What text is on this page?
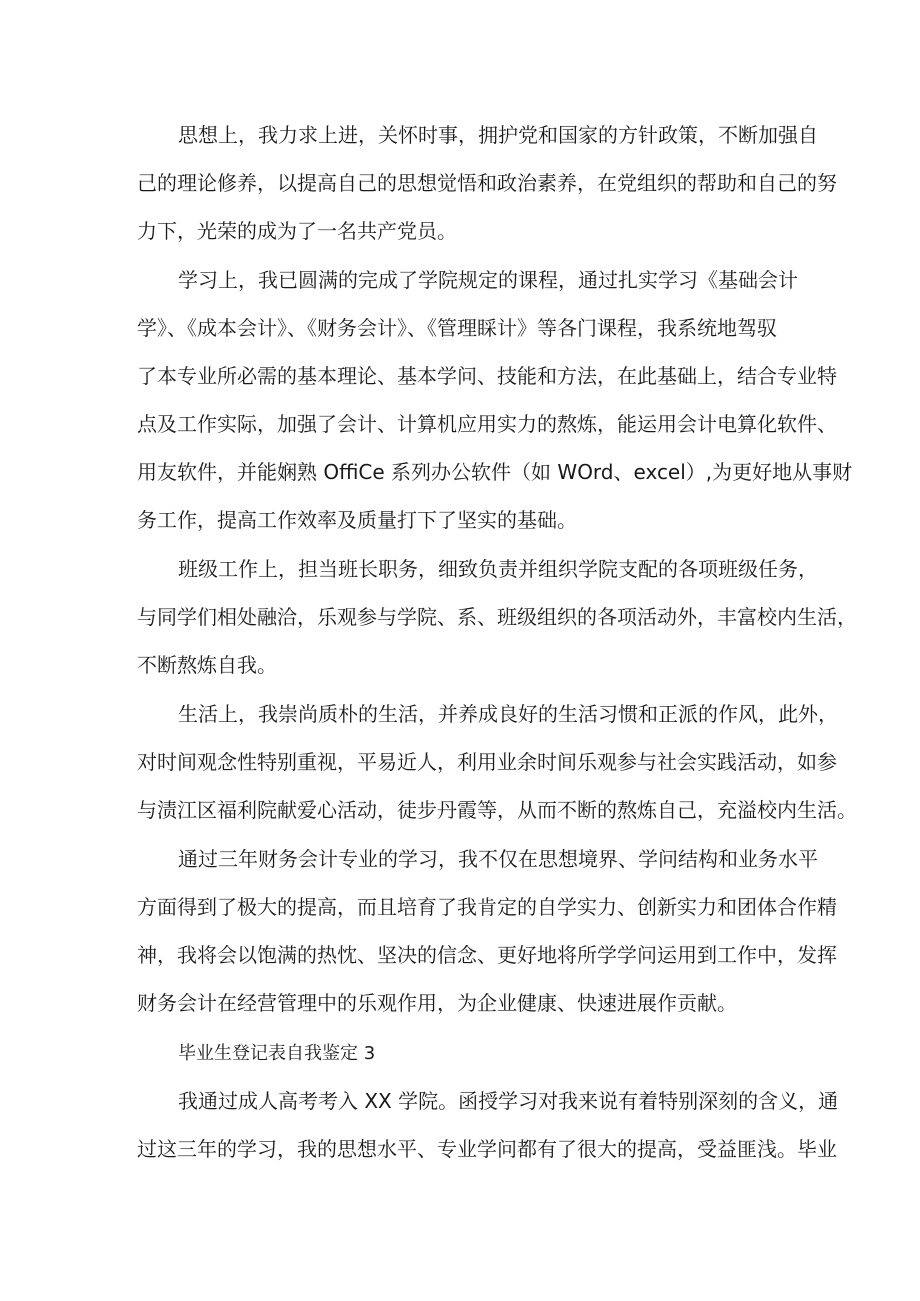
思想上，我力求上进，关怀时事，拥护党和国家的方针政策，不断加强自

己的理论修养，以提高自己的思想觉悟和政治素养，在党组织的帮助和自己的努

力下，光荣的成为了一名共产党员。

学习上，我已圆满的完成了学院规定的课程，通过扎实学习《基础会计

学》、《成本会计》、《财务会计》、《管理睬计》等各门课程，我系统地驾驭

了本专业所必需的基本理论、基本学问、技能和方法，在此基础上，结合专业特

点及工作实际，加强了会计、计算机应用实力的熬炼，能运用会计电算化软件、

用友软件，并能娴熟 OffiCe 系列办公软件（如 WOrd、excel）,为更好地从事财

务工作，提高工作效率及质量打下了坚实的基础。

班级工作上，担当班长职务，细致负责并组织学院支配的各项班级任务，

与同学们相处融洽，乐观参与学院、系、班级组织的各项活动外，丰富校内生活，

不断熬炼自我。

生活上，我崇尚质朴的生活，并养成良好的生活习惯和正派的作风，此外，

对时间观念性特别重视，平易近人，利用业余时间乐观参与社会实践活动，如参

与渍江区福利院献爱心活动，徒步丹霞等，从而不断的熬炼自己，充溢校内生活。

通过三年财务会计专业的学习，我不仅在思想境界、学问结构和业务水平

方面得到了极大的提高，而且培育了我肯定的自学实力、创新实力和团体合作精

神，我将会以饱满的热忱、坚决的信念、更好地将所学学问运用到工作中，发挥

财务会计在经营管理中的乐观作用，为企业健康、快速进展作贡献。

毕业生登记表自我鉴定 3

我通过成人高考考入 XX 学院。函授学习对我来说有着特别深刻的含义，通

过这三年的学习，我的思想水平、专业学问都有了很大的提高，受益匪浅。毕业
